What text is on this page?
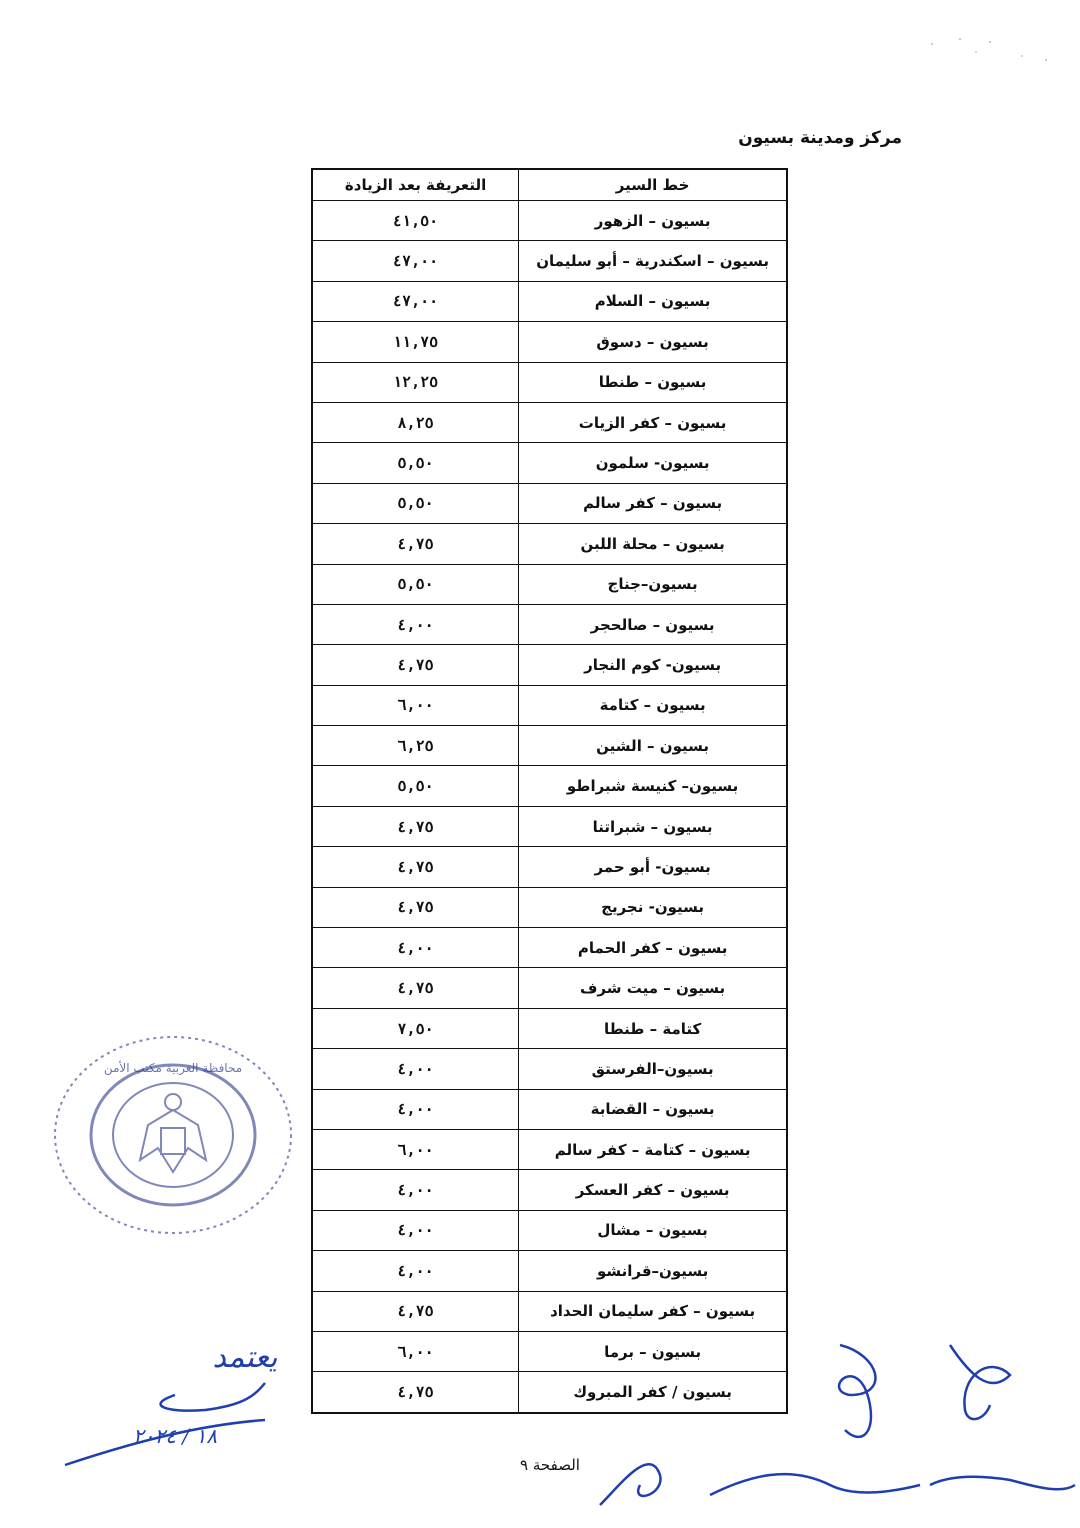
مركز ومدينة بسيون
خط السير	التعريفة بعد الزيادة
بسيون – الزهور	٤١,٥٠
بسيون – اسكندرية – أبو سليمان	٤٧,٠٠
بسيون – السلام	٤٧,٠٠
بسيون – دسوق	١١,٧٥
بسيون – طنطا	١٢,٢٥
بسيون – كفر الزيات	٨,٢٥
بسيون- سلمون	٥,٥٠
بسيون – كفر سالم	٥,٥٠
بسيون – محلة اللبن	٤,٧٥
بسيون–جناج	٥,٥٠
بسيون – صالحجر	٤,٠٠
بسيون- كوم النجار	٤,٧٥
بسيون – كتامة	٦,٠٠
بسيون – الشين	٦,٢٥
بسيون– كنيسة شبراطو	٥,٥٠
بسيون – شبراتنا	٤,٧٥
بسيون- أبو حمر	٤,٧٥
بسيون- نجريج	٤,٧٥
بسيون – كفر الحمام	٤,٠٠
بسيون – ميت شرف	٤,٧٥
كتامة – طنطا	٧,٥٠
بسيون–الفرستق	٤,٠٠
بسيون – القضابة	٤,٠٠
بسيون – كتامة – كفر سالم	٦,٠٠
بسيون – كفر العسكر	٤,٠٠
بسيون – مشال	٤,٠٠
بسيون–قرانشو	٤,٠٠
بسيون – كفر سليمان الحداد	٤,٧٥
بسيون – برما	٦,٠٠
بسيون / كفر المبروك	٤,٧٥
محافظة الغربية مكتب الأمن
يعتمد
١٨ / ٢٠٢٤
الصفحة ٩
